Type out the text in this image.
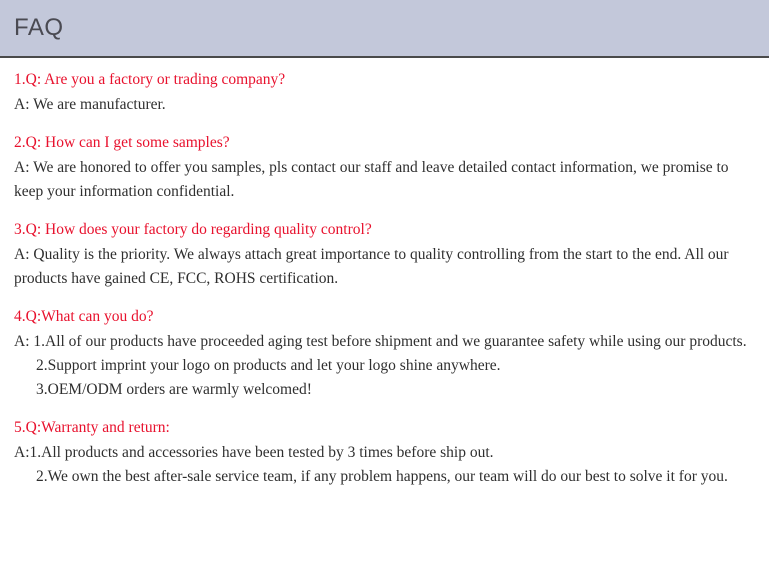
FAQ
1.Q: Are you a factory or trading company?
A: We are manufacturer.
2.Q: How can I get some samples?
A: We are honored to offer you samples, pls contact our staff and leave detailed contact information, we promise to keep your information confidential.
3.Q: How does your factory do regarding quality control?
A: Quality is the priority. We always attach great importance to quality controlling from the start to the end. All our products have gained CE, FCC, ROHS certification.
4.Q:What can you do?
A: 1.All of our products have proceeded aging test before shipment and we guarantee safety while using our products.
2.Support imprint your logo on products and let your logo shine anywhere.
3.OEM/ODM orders are warmly welcomed!
5.Q:Warranty and return:
A:1.All products and accessories have been tested by 3 times before ship out.
2.We own the best after-sale service team, if any problem happens, our team will do our best to solve it for you.
